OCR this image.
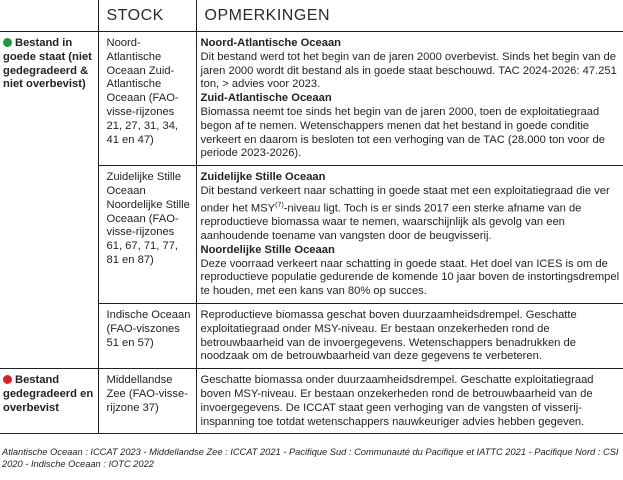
	STOCK	OPMERKINGEN
Bestand in goede staat (niet gedegradeerd & niet overbevist)	Noord-Atlantische Oceaan Zuid-Atlantische Oceaan (FAO-visse-rijzones 21, 27, 31, 34, 41 en 47)	Noord-Atlantische Oceaan
Dit bestand werd tot het begin van de jaren 2000 overbevist. Sinds het begin van de jaren 2000 wordt dit bestand als in goede staat beschouwd. TAC 2024-2026: 47.251 ton, > advies voor 2023.
Zuid-Atlantische Oceaan
Biomassa neemt toe sinds het begin van de jaren 2000, toen de exploitatiegraad begon af te nemen. Wetenschappers menen dat het bestand in goede conditie verkeert en daarom is besloten tot een verhoging van de TAC (28.000 ton voor de periode 2023-2026).
	Zuidelijke Stille Oceaan Noordelijke Stille Oceaan (FAO-visse-rijzones 61, 67, 71, 77, 81 en 87)	Zuidelijke Stille Oceaan
Dit bestand verkeert naar schatting in goede staat met een exploitatiegraad die ver onder het MSY$^{(7)}$-niveau ligt. Toch is er sinds 2017 een sterke afname van de reproductieve biomassa waar te nemen, waarschijnlijk als gevolg van een aanhoudende toename van vangsten door de beugvisserij.
Noordelijke Stille Oceaan
Deze voorraad verkeert naar schatting in goede staat. Het doel van ICES is om de reproductieve populatie gedurende de komende 10 jaar boven de instortingsdrempel te houden, met een kans van 80% op succes.
	Indische Oceaan (FAO-viszones 51 en 57)	Reproductieve biomassa geschat boven duurzaamheidsdrempel. Geschatte exploitatiegraad onder MSY-niveau. Er bestaan onzekerheden rond de betrouwbaarheid van de invoergegevens. Wetenschappers benadrukken de noodzaak om de betrouwbaarheid van deze gegevens te verbeteren.
Bestand gedegradeerd en overbevist	Middellandse Zee (FAO-visse-rijzone 37)	Geschatte biomassa onder duurzaamheidsdrempel. Geschatte exploitatiegraad boven MSY-niveau. Er bestaan onzekerheden rond de betrouwbaarheid van de invoergegevens. De ICCAT staat geen verhoging van de vangsten of visserij-inspanning toe totdat wetenschappers nauwkeuriger advies hebben gegeven.
Atlantische Oceaan : ICCAT 2023 - Middellandse Zee : ICCAT 2021 - Pacifique Sud : Communauté du Pacifique et IATTC 2021 - Pacifique Nord : CSI 2020 - Indische Oceaan : IOTC 2022
